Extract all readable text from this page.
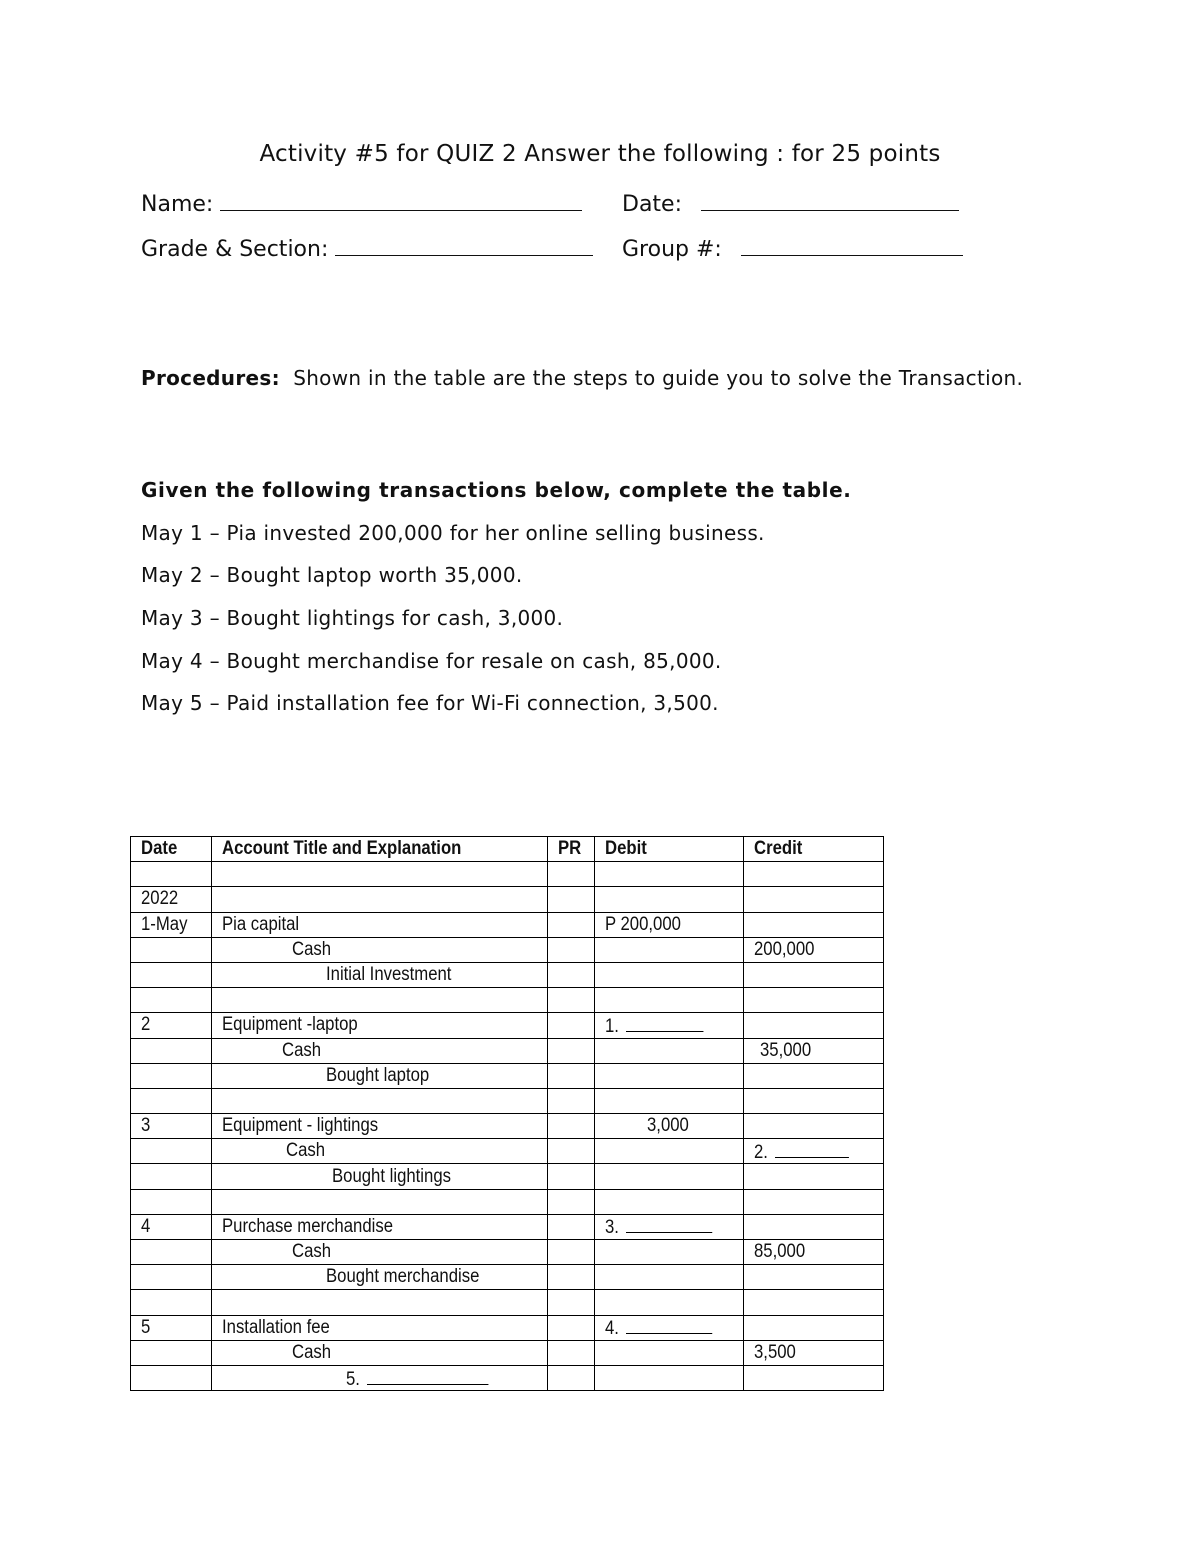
Activity #5 for QUIZ 2 Answer the following : for 25 points
Name:	Date:
Grade & Section:	Group #:
Procedures: Shown in the table are the steps to guide you to solve the Transaction.
Given the following transactions below, complete the table.
May 1 – Pia invested 200,000 for her online selling business.
May 2 – Bought laptop worth 35,000.
May 3 – Bought lightings for cash, 3,000.
May 4 – Bought merchandise for resale on cash, 85,000.
May 5 – Paid installation fee for Wi-Fi connection, 3,500.
Date	Account Title and Explanation	PR	Debit	Credit

2022				
1-May	Pia capital		P 200,000	
	Cash			200,000
	Initial Investment			

2	Equipment -laptop		1.	
	Cash			35,000
	Bought laptop			

3	Equipment - lightings		3,000	
	Cash			2.
	Bought lightings			

4	Purchase merchandise		3.	
	Cash			85,000
	Bought merchandise			

5	Installation fee		4.	
	Cash			3,500
	5.			
